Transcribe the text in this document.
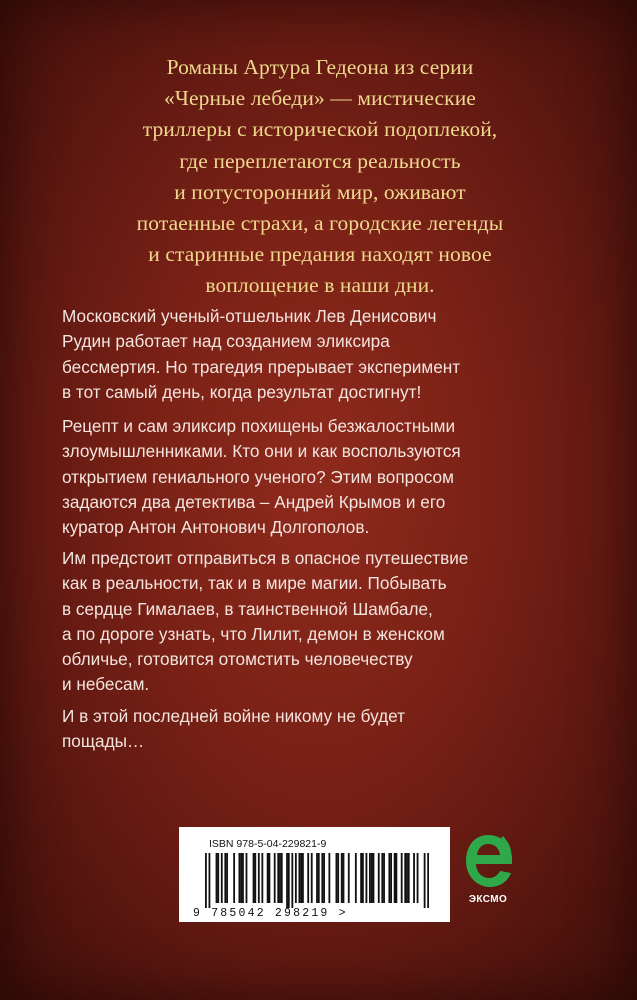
Романы Артура Гедеона из серии
«Черные лебеди» — мистические
триллеры с исторической подоплекой,
где переплетаются реальность
и потусторонний мир, оживают
потаенные страхи, а городские легенды
и старинные предания находят новое
воплощение в наши дни.
Московский ученый-отшельник Лев Денисович
Рудин работает над созданием эликсира
бессмертия. Но трагедия прерывает эксперимент
в тот самый день, когда результат достигнут!
Рецепт и сам эликсир похищены безжалостными
злоумышленниками. Кто они и как воспользуются
открытием гениального ученого? Этим вопросом
задаются два детектива – Андрей Крымов и его
куратор Антон Антонович Долгополов.
Им предстоит отправиться в опасное путешествие
как в реальности, так и в мире магии. Побывать
в сердце Гималаев, в таинственной Шамбале,
а по дороге узнать, что Лилит, демон в женском
обличье, готовится отомстить человечеству
и небесам.
И в этой последней войне никому не будет
пощады…
ISBN 978-5-04-229821-9
9 785042 298219 >
ЭКСМО
